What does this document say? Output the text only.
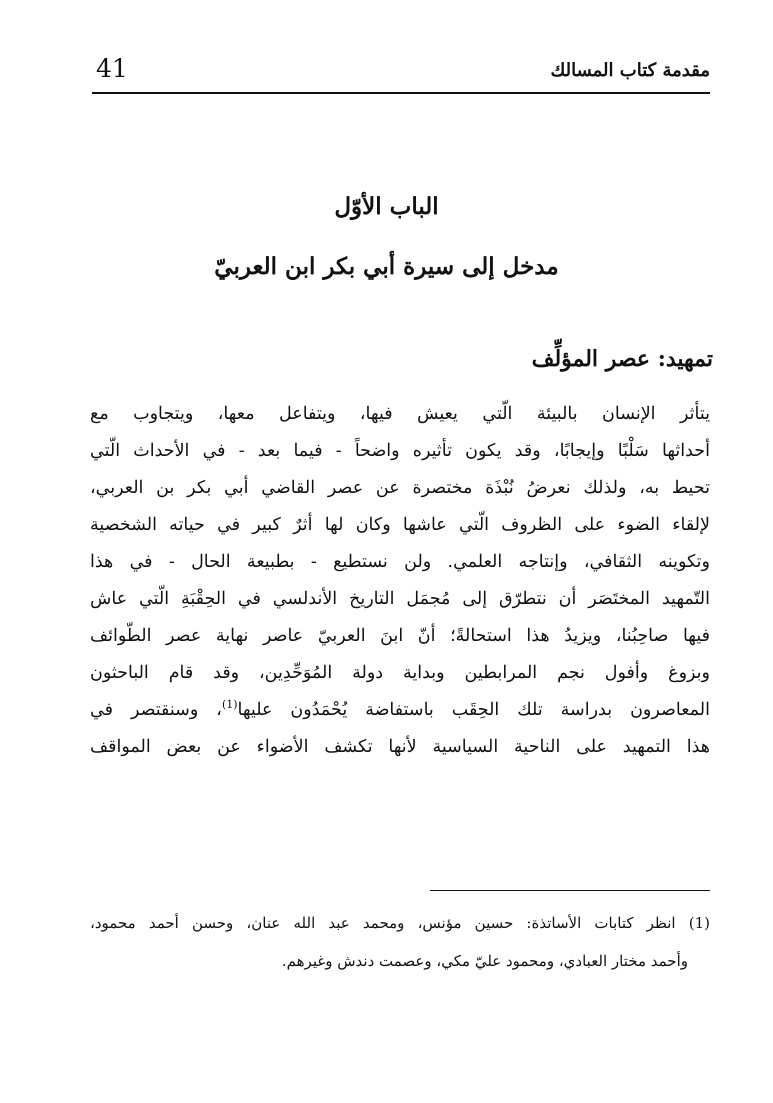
41	مقدمة كتاب المسالك
الباب الأوّل
مدخل إلى سيرة أبي بكر ابن العربيّ
تمهيد: عصر المؤلِّف
يتأثر الإنسان بالبيئة الّتي يعيش فيها، ويتفاعل معها، ويتجاوب مع
أحداثها سَلْبًا وإيجابًا، وقد يكون تأثيره واضحاً - فيما بعد - في الأحداث الّتي
تحيط به، ولذلك نعرضُ نُبْذَة مختصرة عن عصر القاضي أبي بكر بن العربي،
لإلقاء الضوء على الظروف الّتي عاشها وكان لها أثرٌ كبير في حياته الشخصية
وتكوينه الثقافي، وإنتاجه العلمي. ولن نستطيع - بطبيعة الحال - في هذا
التّمهيد المختَصَر أن نتطرّق إلى مُجمَل التاريخ الأندلسي في الحِقْبَةِ الّتي عاش
فيها صاحِبُنا، ويزيدُ هذا استحالةً؛ أنّ ابنَ العربيّ عاصر نهاية عصر الطّوائف
وبزوغ وأفول نجم المرابطين وبداية دولة المُوَحِّدِين، وقد قام الباحثون
المعاصرون بدراسة تلك الحِقَب باستفاضة يُحْمَدُون عليها$^{(1)}$، وسنقتصر في
هذا التمهيد على الناحية السياسية لأنها تكشف الأضواء عن بعض المواقف
(1) انظر كتابات الأساتذة: حسين مؤنس، ومحمد عبد الله عنان، وحسن أحمد محمود،
وأحمد مختار العبادي، ومحمود عليّ مكي، وعصمت دندش وغيرهم.
